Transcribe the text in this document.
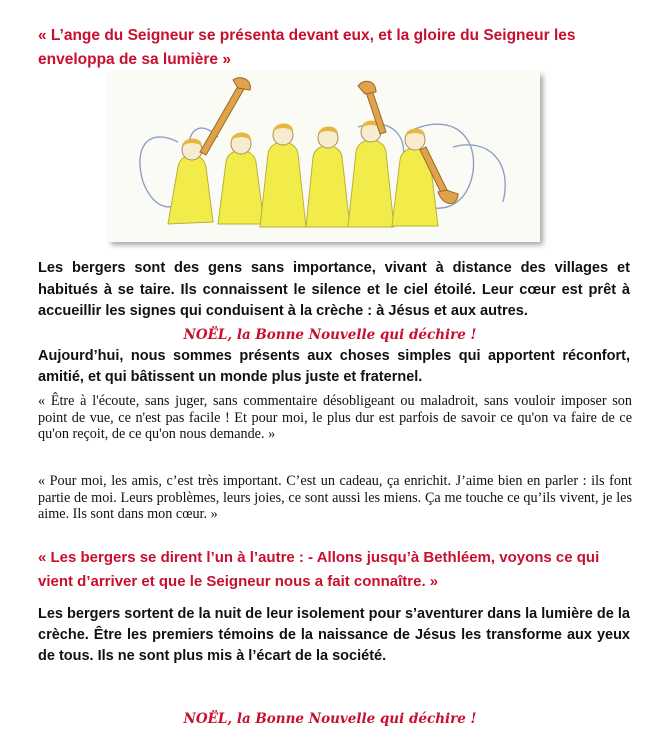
« L’ange du Seigneur se présenta devant eux, et la gloire du Seigneur les enveloppa de sa lumière »

Les bergers sont des gens sans importance, vivant à distance des villages et habitués à se taire. Ils connaissent le silence et le ciel étoilé. Leur cœur est prêt à accueillir les signes qui conduisent à la crèche : à Jésus et aux autres.

NOËL, la Bonne Nouvelle qui déchire !

Aujourd’hui, nous sommes présents aux choses simples qui apportent réconfort, amitié, et qui bâtissent un monde plus juste et fraternel.

« Être à l'écoute, sans juger, sans commentaire désobligeant ou maladroit, sans vouloir imposer son point de vue, ce n'est pas facile ! Et pour moi, le plus dur est parfois de savoir ce qu'on va faire de ce qu'on reçoit, de ce qu'on nous demande. »

« Pour moi, les amis, c’est très important. C’est un cadeau, ça enrichit. J’aime bien en parler : ils font partie de moi. Leurs problèmes, leurs joies, ce sont aussi les miens. Ça me touche ce qu’ils vivent, je les aime. Ils sont dans mon cœur. »

« Les bergers se dirent l’un à l’autre : - Allons jusqu’à Bethléem, voyons ce qui vient d’arriver et que le Seigneur nous a fait connaître. »

Les bergers sortent de la nuit de leur isolement pour s’aventurer dans la lumière de la crèche. Être les premiers témoins de la naissance de Jésus les transforme aux yeux de tous. Ils ne sont plus mis à l’écart de la société.

NOËL, la Bonne Nouvelle qui déchire !
